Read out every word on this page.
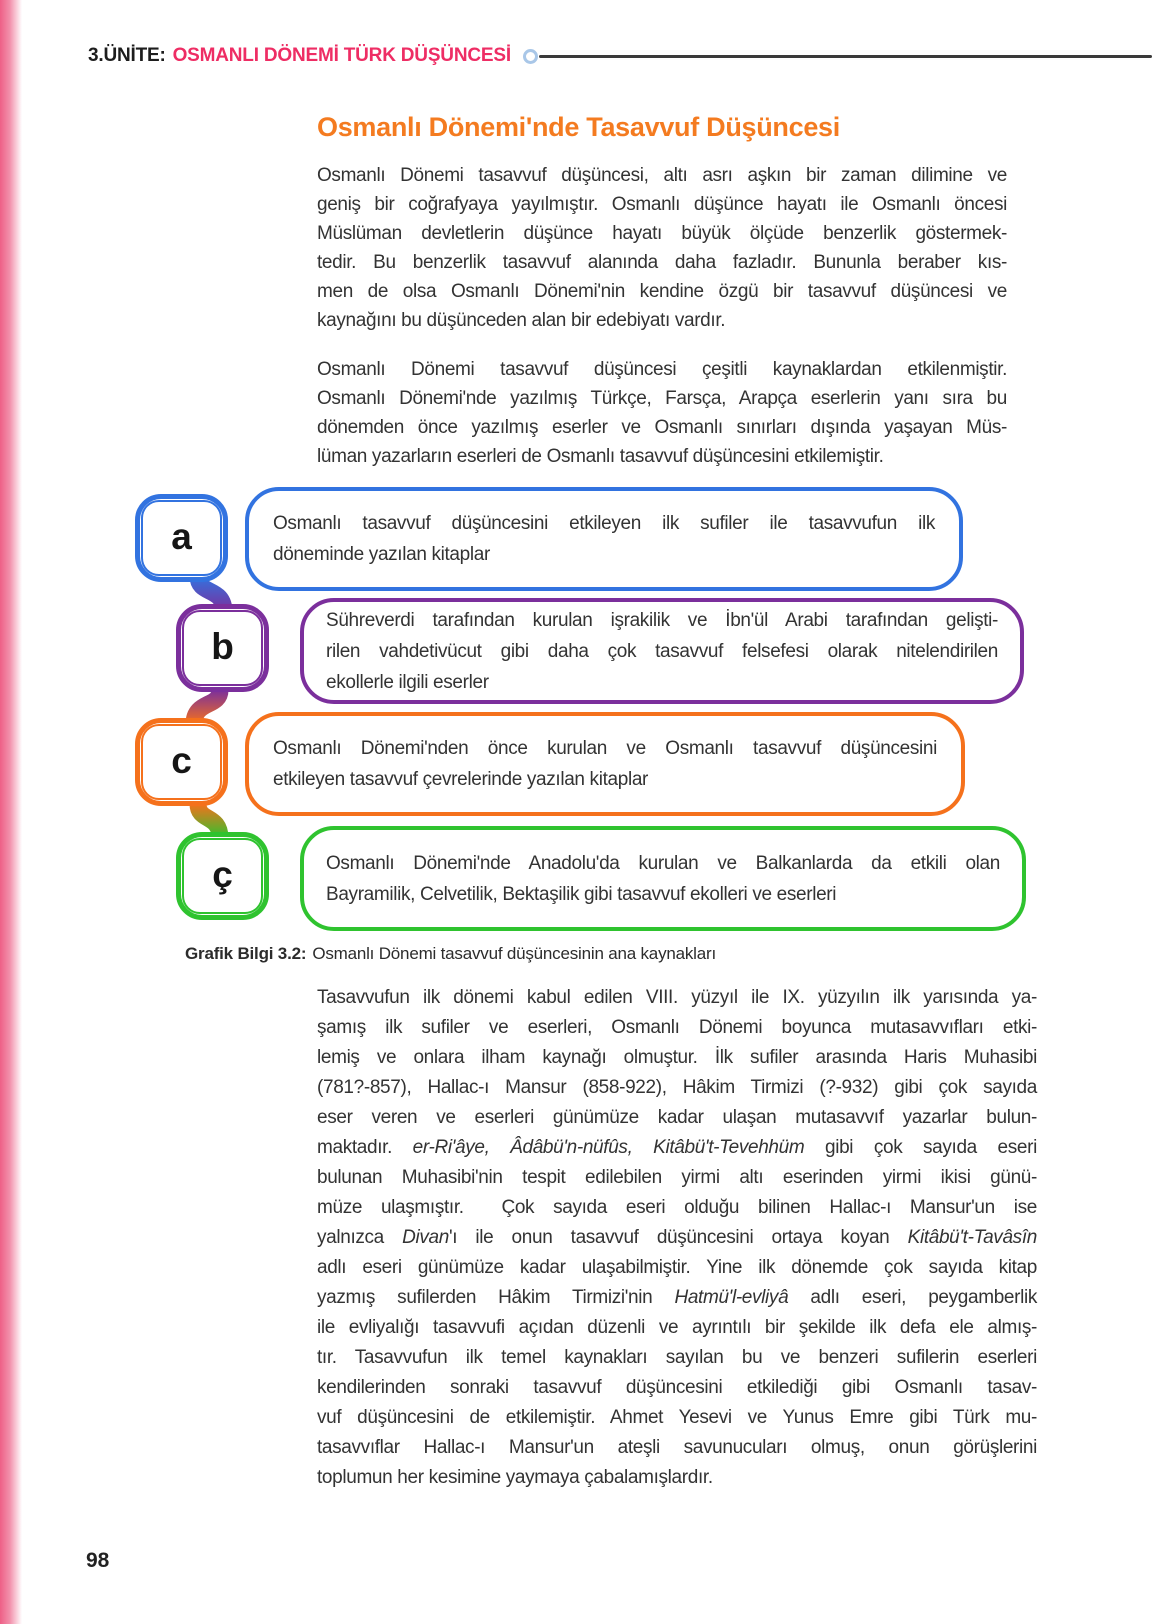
3.ÜNİTE: OSMANLI DÖNEMİ TÜRK DÜŞÜNCESİ
Osmanlı Dönemi'nde Tasavvuf Düşüncesi
Osmanlı Dönemi tasavvuf düşüncesi, altı asrı aşkın bir zaman dilimine ve
geniş bir coğrafyaya yayılmıştır. Osmanlı düşünce hayatı ile Osmanlı öncesi
Müslüman devletlerin düşünce hayatı büyük ölçüde benzerlik göstermek-
tedir. Bu benzerlik tasavvuf alanında daha fazladır. Bununla beraber kıs-
men de olsa Osmanlı Dönemi'nin kendine özgü bir tasavvuf düşüncesi ve
kaynağını bu düşünceden alan bir edebiyatı vardır.
Osmanlı Dönemi tasavvuf düşüncesi çeşitli kaynaklardan etkilenmiştir.
Osmanlı Dönemi'nde yazılmış Türkçe, Farsça, Arapça eserlerin yanı sıra bu
dönemden önce yazılmış eserler ve Osmanlı sınırları dışında yaşayan Müs-
lüman yazarların eserleri de Osmanlı tasavvuf düşüncesini etkilemiştir.
a
b
c
ç
Osmanlı tasavvuf düşüncesini etkileyen ilk sufiler ile tasavvufun ilk
döneminde yazılan kitaplar
Sühreverdi tarafından kurulan işrakilik ve İbn'ül Arabi tarafından gelişti-
rilen vahdetivücut gibi daha çok tasavvuf felsefesi olarak nitelendirilen
ekollerle ilgili eserler
Osmanlı Dönemi'nden önce kurulan ve Osmanlı tasavvuf düşüncesini
etkileyen tasavvuf çevrelerinde yazılan kitaplar
Osmanlı Dönemi'nde Anadolu'da kurulan ve Balkanlarda da etkili olan
Bayramilik, Celvetilik, Bektaşilik gibi tasavvuf ekolleri ve eserleri
Grafik Bilgi 3.2: Osmanlı Dönemi tasavvuf düşüncesinin ana kaynakları
Tasavvufun ilk dönemi kabul edilen VIII. yüzyıl ile IX. yüzyılın ilk yarısında ya-
şamış ilk sufiler ve eserleri, Osmanlı Dönemi boyunca mutasavvıfları etki-
lemiş ve onlara ilham kaynağı olmuştur. İlk sufiler arasında Haris Muhasibi
(781?-857), Hallac-ı Mansur (858-922), Hâkim Tirmizi (?-932) gibi çok sayıda
eser veren ve eserleri günümüze kadar ulaşan mutasavvıf yazarlar bulun-
maktadır. er-Ri'âye, Âdâbü'n-nüfûs, Kitâbü't-Tevehhüm gibi çok sayıda eseri
bulunan Muhasibi'nin tespit edilebilen yirmi altı eserinden yirmi ikisi günü-
müze ulaşmıştır.  Çok sayıda eseri olduğu bilinen Hallac-ı Mansur'un ise
yalnızca Divan'ı ile onun tasavvuf düşüncesini ortaya koyan Kitâbü't-Tavâsîn
adlı eseri günümüze kadar ulaşabilmiştir. Yine ilk dönemde çok sayıda kitap
yazmış sufilerden Hâkim Tirmizi'nin Hatmü'l-evliyâ adlı eseri, peygamberlik
ile evliyalığı tasavvufi açıdan düzenli ve ayrıntılı bir şekilde ilk defa ele almış-
tır. Tasavvufun ilk temel kaynakları sayılan bu ve benzeri sufilerin eserleri
kendilerinden sonraki tasavvuf düşüncesini etkilediği gibi Osmanlı tasav-
vuf düşüncesini de etkilemiştir. Ahmet Yesevi ve Yunus Emre gibi Türk mu-
tasavvıflar Hallac-ı Mansur'un ateşli savunucuları olmuş, onun görüşlerini
toplumun her kesimine yaymaya çabalamışlardır.
98
